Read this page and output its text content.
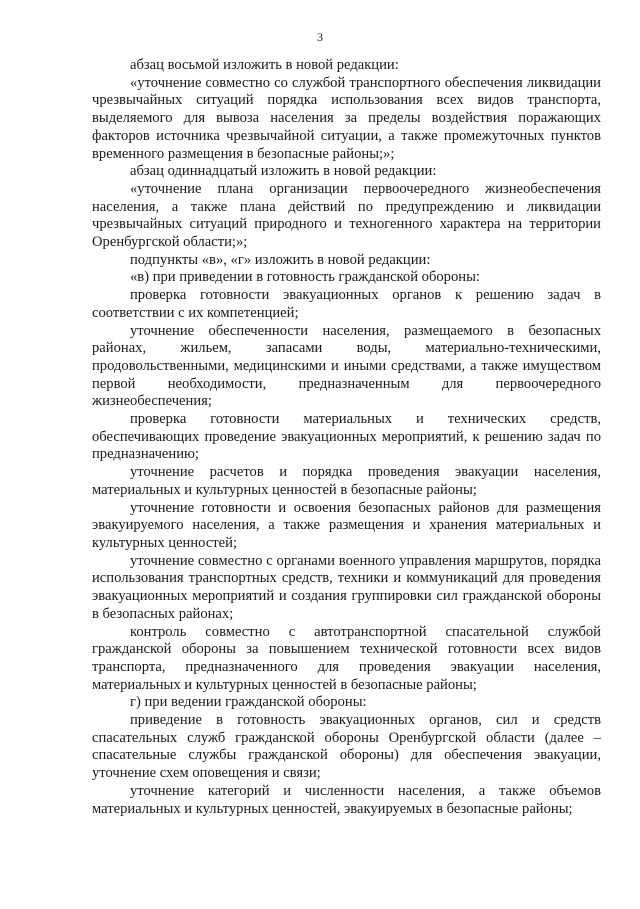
3

абзац восьмой изложить в новой редакции:

«уточнение совместно со службой транспортного обеспечения ликвидации чрезвычайных ситуаций порядка использования всех видов транспорта, выделяемого для вывоза населения за пределы воздействия поражающих факторов источника чрезвычайной ситуации, а также промежуточных пунктов временного размещения в безопасные районы;»;

абзац одиннадцатый изложить в новой редакции:

«уточнение плана организации первоочередного жизнеобеспечения населения, а также плана действий по предупреждению и ликвидации чрезвычайных ситуаций природного и техногенного характера на территории Оренбургской области;»;

подпункты «в», «г» изложить в новой редакции:

«в) при приведении в готовность гражданской обороны:

проверка готовности эвакуационных органов к решению задач в соответствии с их компетенцией;

уточнение обеспеченности населения, размещаемого в безопасных районах, жильем, запасами воды, материально-техническими, продовольственными, медицинскими и иными средствами, а также имуществом первой необходимости, предназначенным для первоочередного жизнеобеспечения;

проверка готовности материальных и технических средств, обеспечивающих проведение эвакуационных мероприятий, к решению задач по предназначению;

уточнение расчетов и порядка проведения эвакуации населения, материальных и культурных ценностей в безопасные районы;

уточнение готовности и освоения безопасных районов для размещения эвакуируемого населения, а также размещения и хранения материальных и культурных ценностей;

уточнение совместно с органами военного управления маршрутов, порядка использования транспортных средств, техники и коммуникаций для проведения эвакуационных мероприятий и создания группировки сил гражданской обороны в безопасных районах;

контроль совместно с автотранспортной спасательной службой гражданской обороны за повышением технической готовности всех видов транспорта, предназначенного для проведения эвакуации населения, материальных и культурных ценностей в безопасные районы;

г) при ведении гражданской обороны:

приведение в готовность эвакуационных органов, сил и средств спасательных служб гражданской обороны Оренбургской области (далее – спасательные службы гражданской обороны) для обеспечения эвакуации, уточнение схем оповещения и связи;

уточнение категорий и численности населения, а также объемов материальных и культурных ценностей, эвакуируемых в безопасные районы;
